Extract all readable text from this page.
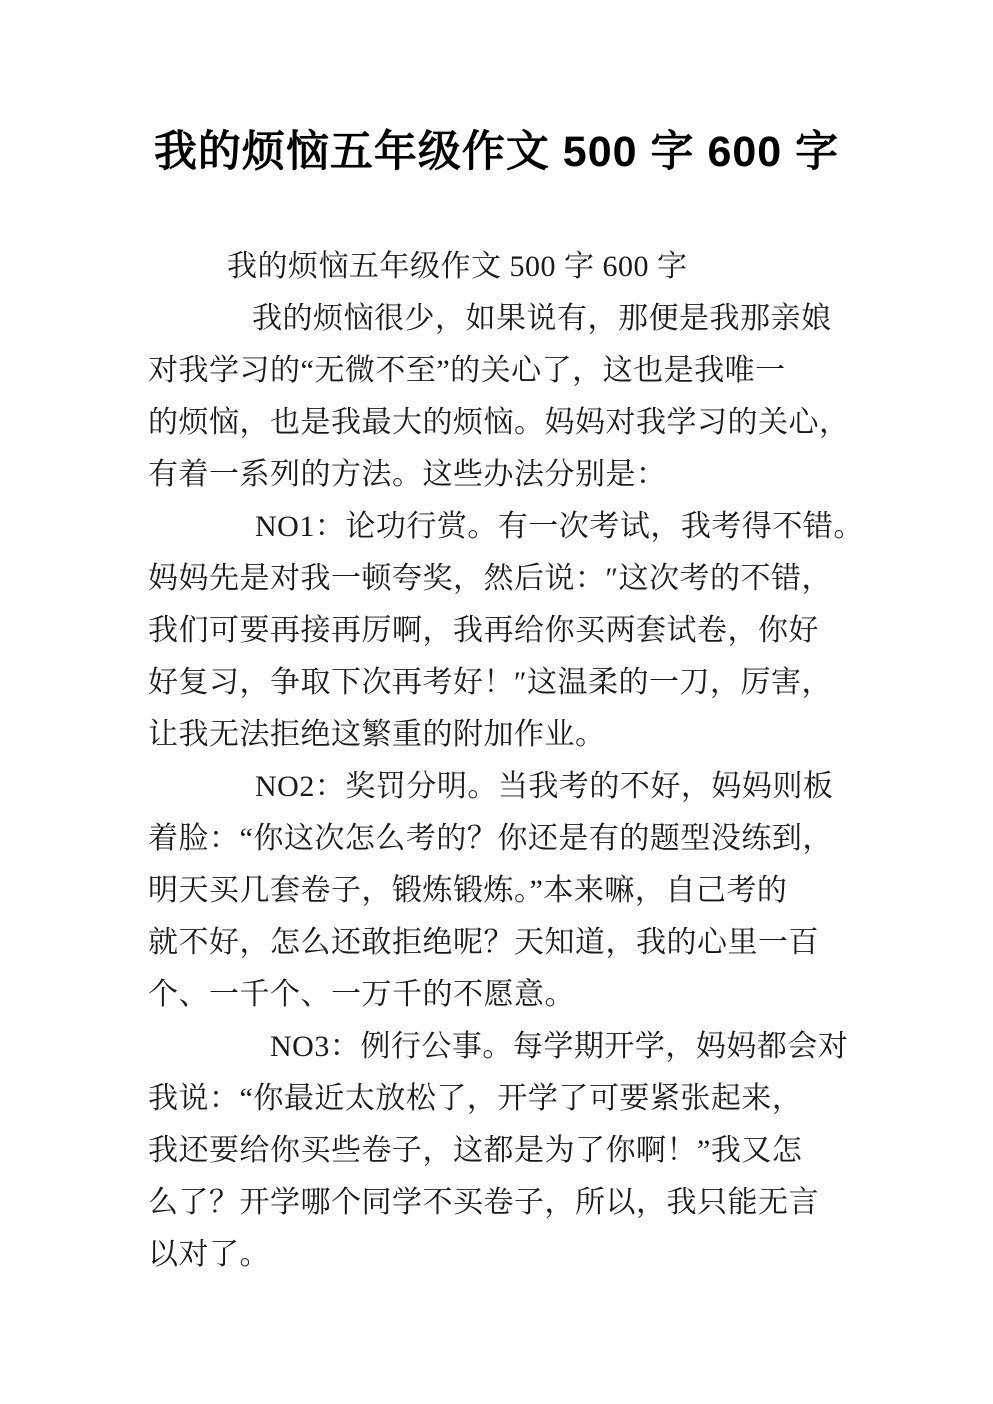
我的烦恼五年级作文 500 字 600 字
我的烦恼五年级作文 500 字 600 字
我的烦恼很少，如果说有，那便是我那亲娘
对我学习的“无微不至”的关心了，这也是我唯一
的烦恼，也是我最大的烦恼。妈妈对我学习的关心，
有着一系列的方法。这些办法分别是：
NO1：论功行赏。有一次考试，我考得不错。
妈妈先是对我一顿夸奖，然后说：″这次考的不错，
我们可要再接再厉啊，我再给你买两套试卷，你好
好复习，争取下次再考好！″这温柔的一刀，厉害，
让我无法拒绝这繁重的附加作业。
NO2：奖罚分明。当我考的不好，妈妈则板
着脸：“你这次怎么考的？你还是有的题型没练到，
明天买几套卷子，锻炼锻炼。”本来嘛，自己考的
就不好，怎么还敢拒绝呢？天知道，我的心里一百
个、一千个、一万千的不愿意。
NO3：例行公事。每学期开学，妈妈都会对
我说：“你最近太放松了，开学了可要紧张起来，
我还要给你买些卷子，这都是为了你啊！”我又怎
么了？开学哪个同学不买卷子，所以，我只能无言
以对了。
